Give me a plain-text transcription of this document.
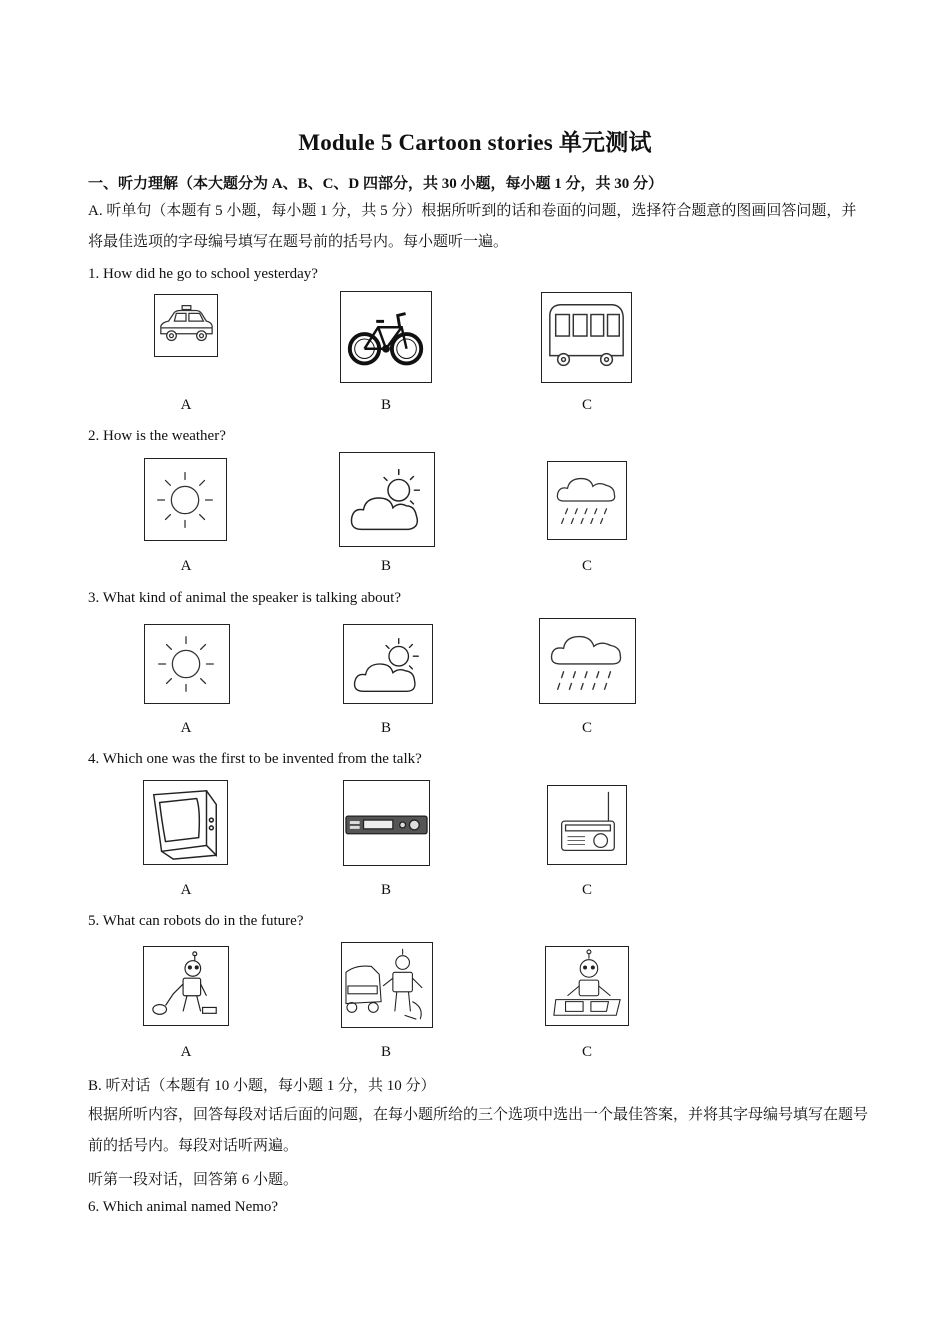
Module 5 Cartoon stories 单元测试
一、听力理解（本大题分为 A、B、C、D 四部分，共 30 小题，每小题 1 分，共 30 分）
A. 听单句（本题有 5 小题，每小题 1 分，共 5 分）根据所听到的话和卷面的问题，选择符合题意的图画回答问题，并将最佳选项的字母编号填写在题号前的括号内。每小题听一遍。
1. How did he go to school yesterday?
A	B	C
2. How is the weather?
A	B	C
3. What kind of animal the speaker is talking about?
A	B	C
4. Which one was the first to be invented from the talk?
A	B	C
5. What can robots do in the future?
A	B	C
B. 听对话（本题有 10 小题，每小题 1 分，共 10 分）
根据所听内容，回答每段对话后面的问题，在每小题所给的三个选项中选出一个最佳答案，并将其字母编号填写在题号前的括号内。每段对话听两遍。
听第一段对话，回答第 6 小题。
6. Which animal named Nemo?
